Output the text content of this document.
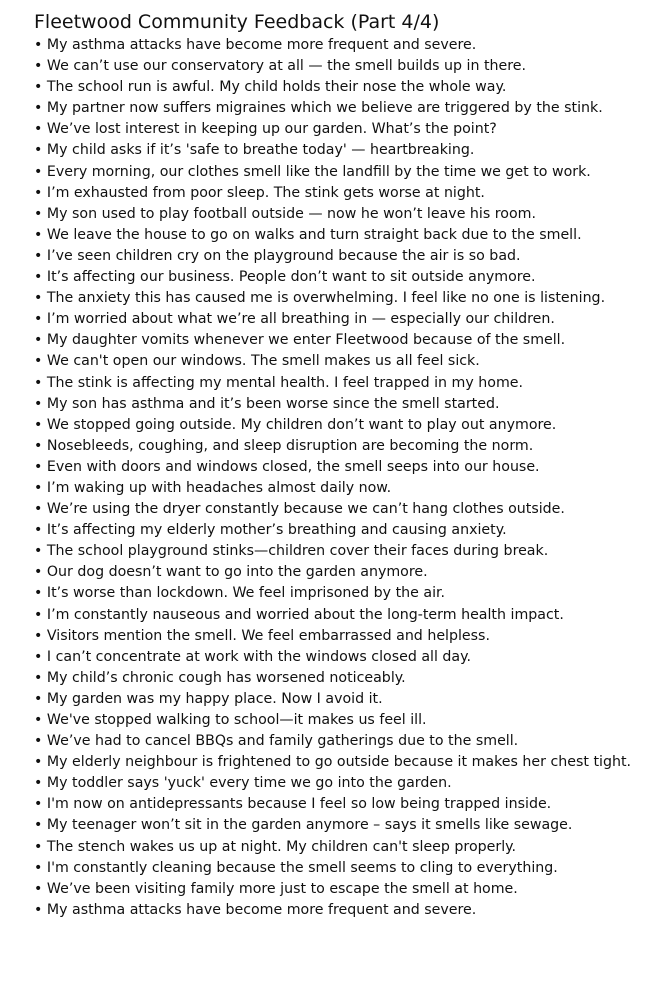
Fleetwood Community Feedback (Part 4/4)
• My asthma attacks have become more frequent and severe.
• We can’t use our conservatory at all — the smell builds up in there.
• The school run is awful. My child holds their nose the whole way.
• My partner now suffers migraines which we believe are triggered by the stink.
• We’ve lost interest in keeping up our garden. What’s the point?
• My child asks if it’s 'safe to breathe today' — heartbreaking.
• Every morning, our clothes smell like the landfill by the time we get to work.
• I’m exhausted from poor sleep. The stink gets worse at night.
• My son used to play football outside — now he won’t leave his room.
• We leave the house to go on walks and turn straight back due to the smell.
• I’ve seen children cry on the playground because the air is so bad.
• It’s affecting our business. People don’t want to sit outside anymore.
• The anxiety this has caused me is overwhelming. I feel like no one is listening.
• I’m worried about what we’re all breathing in — especially our children.
• My daughter vomits whenever we enter Fleetwood because of the smell.
• We can't open our windows. The smell makes us all feel sick.
• The stink is affecting my mental health. I feel trapped in my home.
• My son has asthma and it’s been worse since the smell started.
• We stopped going outside. My children don’t want to play out anymore.
• Nosebleeds, coughing, and sleep disruption are becoming the norm.
• Even with doors and windows closed, the smell seeps into our house.
• I’m waking up with headaches almost daily now.
• We’re using the dryer constantly because we can’t hang clothes outside.
• It’s affecting my elderly mother’s breathing and causing anxiety.
• The school playground stinks—children cover their faces during break.
• Our dog doesn’t want to go into the garden anymore.
• It’s worse than lockdown. We feel imprisoned by the air.
• I’m constantly nauseous and worried about the long-term health impact.
• Visitors mention the smell. We feel embarrassed and helpless.
• I can’t concentrate at work with the windows closed all day.
• My child’s chronic cough has worsened noticeably.
• My garden was my happy place. Now I avoid it.
• We've stopped walking to school—it makes us feel ill.
• We’ve had to cancel BBQs and family gatherings due to the smell.
• My elderly neighbour is frightened to go outside because it makes her chest tight.
• My toddler says 'yuck' every time we go into the garden.
• I'm now on antidepressants because I feel so low being trapped inside.
• My teenager won’t sit in the garden anymore – says it smells like sewage.
• The stench wakes us up at night. My children can't sleep properly.
• I'm constantly cleaning because the smell seems to cling to everything.
• We’ve been visiting family more just to escape the smell at home.
• My asthma attacks have become more frequent and severe.
